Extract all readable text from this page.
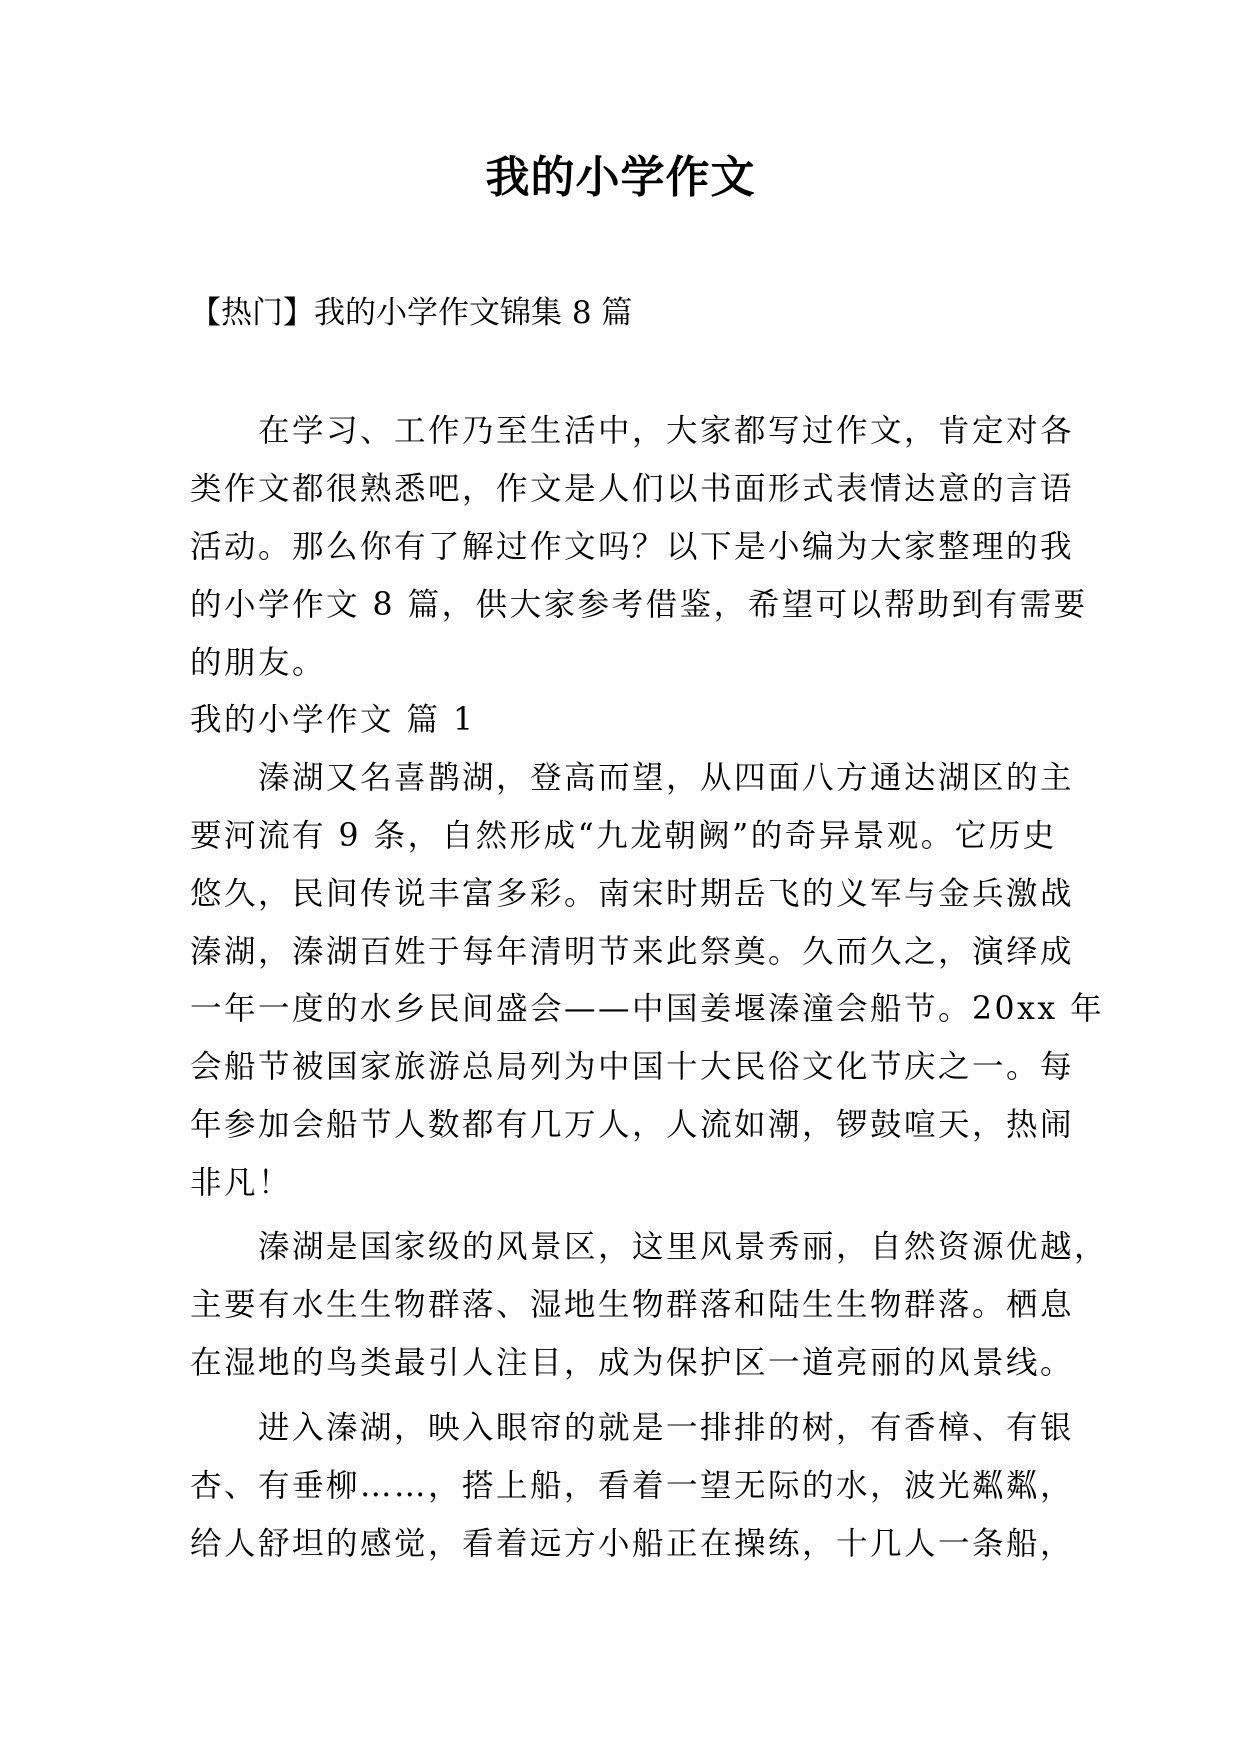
我的小学作文
【热门】我的小学作文锦集 8 篇
　　在学习、工作乃至生活中，大家都写过作文，肯定对各
类作文都很熟悉吧，作文是人们以书面形式表情达意的言语
活动。那么你有了解过作文吗？以下是小编为大家整理的我
的小学作文 8 篇，供大家参考借鉴，希望可以帮助到有需要
的朋友。
我的小学作文 篇 1
　　溱湖又名喜鹊湖，登高而望，从四面八方通达湖区的主
要河流有 9 条，自然形成“九龙朝阙”的奇异景观。它历史
悠久，民间传说丰富多彩。南宋时期岳飞的义军与金兵激战
溱湖，溱湖百姓于每年清明节来此祭奠。久而久之，演绎成
一年一度的水乡民间盛会——中国姜堰溱潼会船节。20xx 年
会船节被国家旅游总局列为中国十大民俗文化节庆之一。每
年参加会船节人数都有几万人，人流如潮，锣鼓喧天，热闹
非凡！
　　溱湖是国家级的风景区，这里风景秀丽，自然资源优越，
主要有水生生物群落、湿地生物群落和陆生生物群落。栖息
在湿地的鸟类最引人注目，成为保护区一道亮丽的风景线。
　　进入溱湖，映入眼帘的就是一排排的树，有香樟、有银
杏、有垂柳……，搭上船，看着一望无际的水，波光粼粼，
给人舒坦的感觉，看着远方小船正在操练，十几人一条船，
